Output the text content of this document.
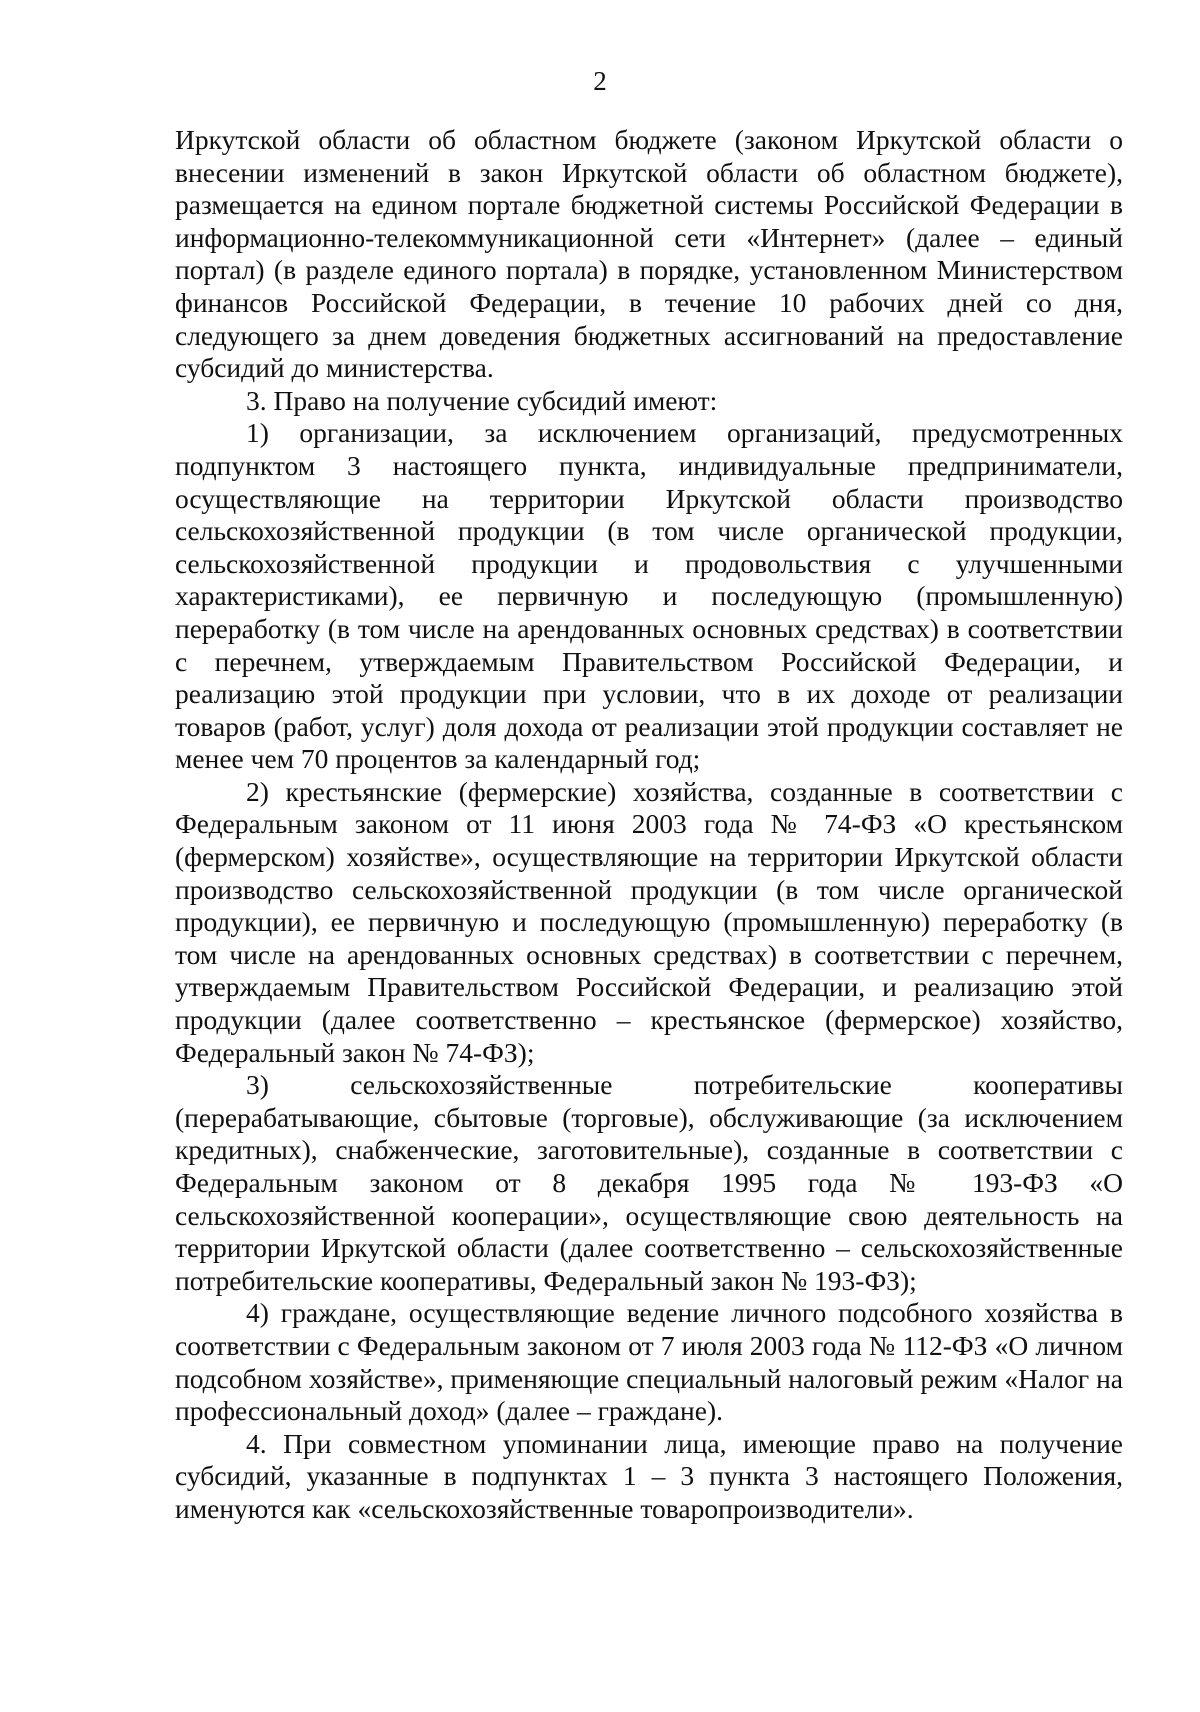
2

Иркутской области об областном бюджете (законом Иркутской области о внесении изменений в закон Иркутской области об областном бюджете), размещается на едином портале бюджетной системы Российской Федерации в информационно-телекоммуникационной сети «Интернет» (далее – единый портал) (в разделе единого портала) в порядке, установленном Министерством финансов Российской Федерации, в течение 10 рабочих дней со дня, следующего за днем доведения бюджетных ассигнований на предоставление субсидий до министерства.

3. Право на получение субсидий имеют:

1) организации, за исключением организаций, предусмотренных подпунктом 3 настоящего пункта, индивидуальные предприниматели, осуществляющие на территории Иркутской области производство сельскохозяйственной продукции (в том числе органической продукции, сельскохозяйственной продукции и продовольствия с улучшенными характеристиками), ее первичную и последующую (промышленную) переработку (в том числе на арендованных основных средствах) в соответствии с перечнем, утверждаемым Правительством Российской Федерации, и реализацию этой продукции при условии, что в их доходе от реализации товаров (работ, услуг) доля дохода от реализации этой продукции составляет не менее чем 70 процентов за календарный год;

2) крестьянские (фермерские) хозяйства, созданные в соответствии с Федеральным законом от 11 июня 2003 года № 74-ФЗ «О крестьянском (фермерском) хозяйстве», осуществляющие на территории Иркутской области производство сельскохозяйственной продукции (в том числе органической продукции), ее первичную и последующую (промышленную) переработку (в том числе на арендованных основных средствах) в соответствии с перечнем, утверждаемым Правительством Российской Федерации, и реализацию этой продукции (далее соответственно – крестьянское (фермерское) хозяйство, Федеральный закон № 74-ФЗ);

3) сельскохозяйственные потребительские кооперативы (перерабатывающие, сбытовые (торговые), обслуживающие (за исключением кредитных), снабженческие, заготовительные), созданные в соответствии с Федеральным законом от 8 декабря 1995 года № 193-ФЗ «О сельскохозяйственной кооперации», осуществляющие свою деятельность на территории Иркутской области (далее соответственно – сельскохозяйственные потребительские кооперативы, Федеральный закон № 193-ФЗ);

4) граждане, осуществляющие ведение личного подсобного хозяйства в соответствии с Федеральным законом от 7 июля 2003 года № 112-ФЗ «О личном подсобном хозяйстве», применяющие специальный налоговый режим «Налог на профессиональный доход» (далее – граждане).

4. При совместном упоминании лица, имеющие право на получение субсидий, указанные в подпунктах 1 – 3 пункта 3 настоящего Положения, именуются как «сельскохозяйственные товаропроизводители».
